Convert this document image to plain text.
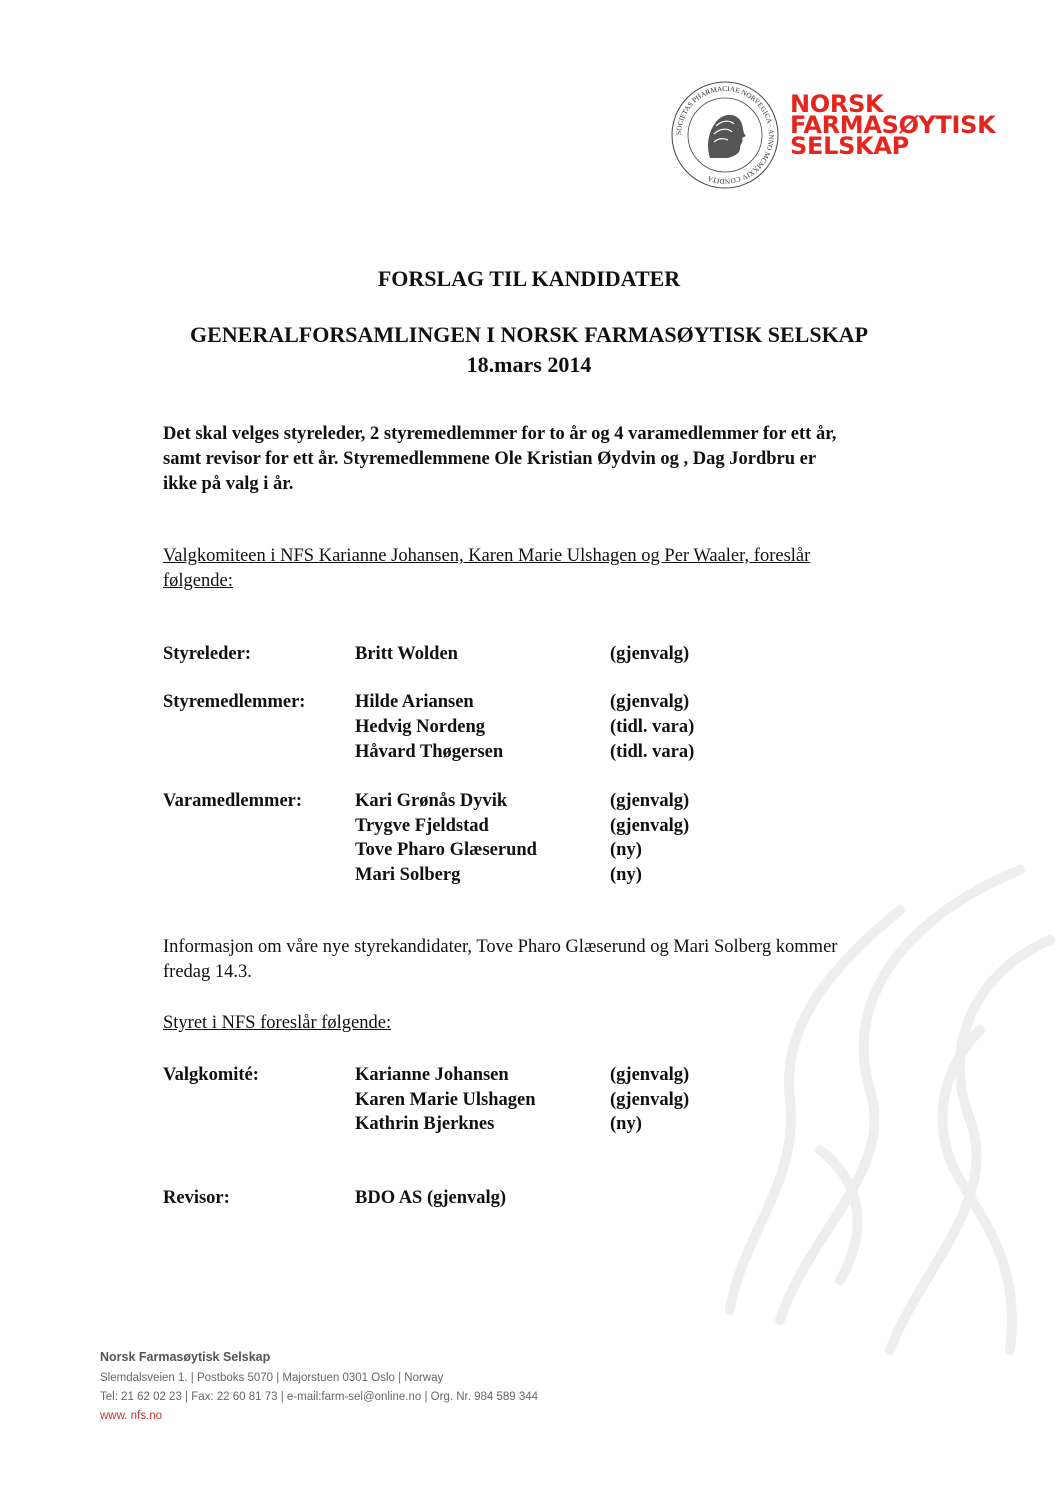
SOCIETAS PHARMACIAE NORVEGICA · ANNO MCMXXIV CONDITA
NORSK
FARMASØYTISK
SELSKAP
FORSLAG TIL KANDIDATER
GENERALFORSAMLINGEN I NORSK FARMASØYTISK SELSKAP
18.mars 2014
Det skal velges styreleder, 2 styremedlemmer for to år og 4 varamedlemmer for ett år,
samt revisor for ett år. Styremedlemmene Ole Kristian Øydvin og , Dag Jordbru er
ikke på valg i år.
Valgkomiteen i NFS Karianne Johansen, Karen Marie Ulshagen og Per Waaler, foreslår
følgende:
Styreleder:	Britt Wolden	(gjenvalg)
Styremedlemmer:	Hilde Ariansen	(gjenvalg)
Hedvig Nordeng	(tidl. vara)
Håvard Thøgersen	(tidl. vara)
Varamedlemmer:	Kari Grønås Dyvik	(gjenvalg)
Trygve Fjeldstad	(gjenvalg)
Tove Pharo Glæserund	(ny)
Mari Solberg	(ny)
Informasjon om våre nye styrekandidater, Tove Pharo Glæserund og Mari Solberg kommer
fredag 14.3.
Styret i NFS foreslår følgende:
Valgkomité:	Karianne Johansen	(gjenvalg)
Karen Marie Ulshagen	(gjenvalg)
Kathrin Bjerknes	(ny)
Revisor:	BDO AS (gjenvalg)
Norsk Farmasøytisk Selskap
Slemdalsveien 1. | Postboks 5070 | Majorstuen 0301 Oslo | Norway
Tel: 21 62 02 23 | Fax: 22 60 81 73 | e-mail:farm-sel@online.no | Org. Nr. 984 589 344
www. nfs.no
